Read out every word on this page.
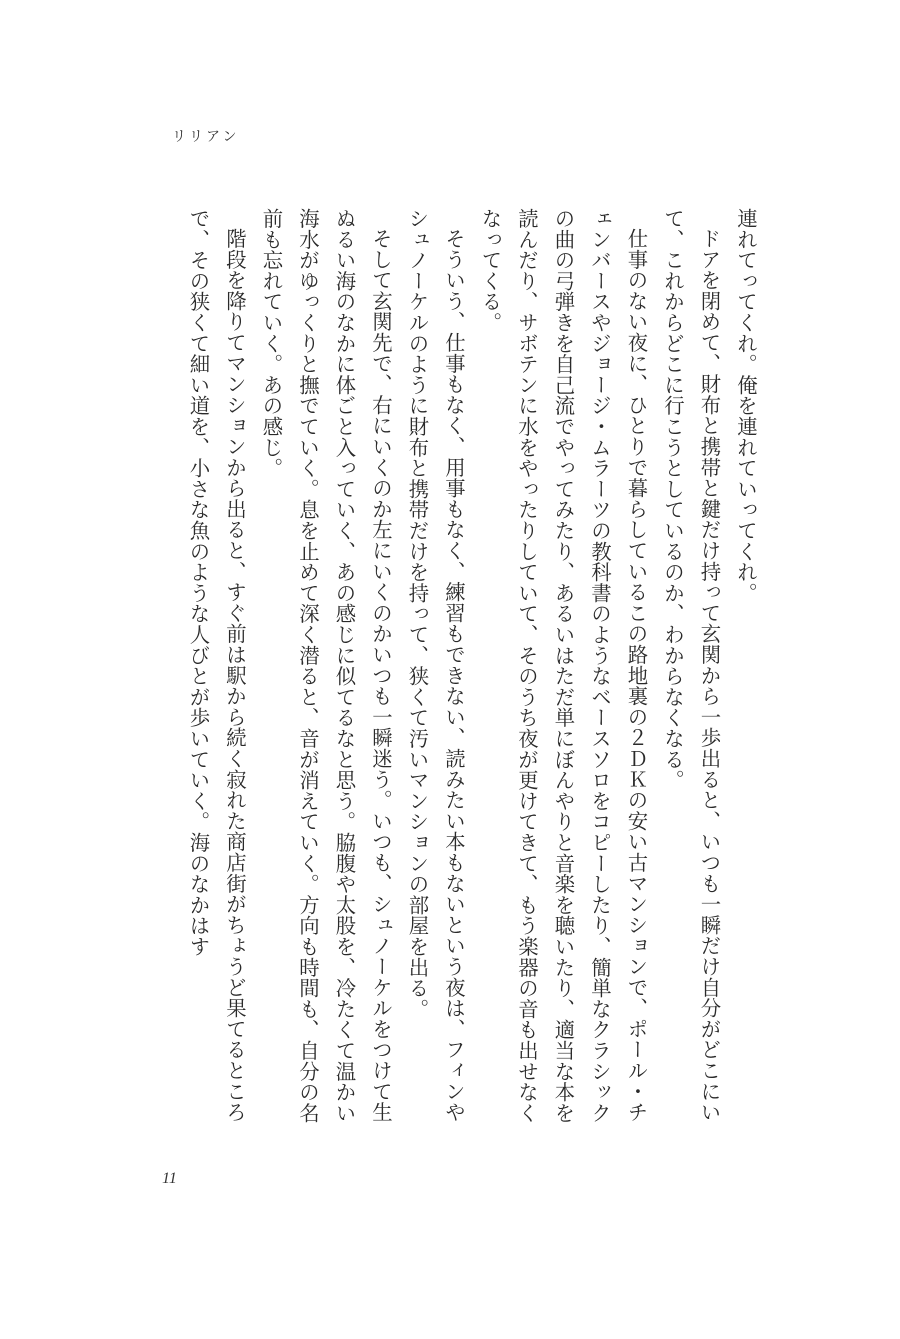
リリアン

連れてってくれ。俺を連れていってくれ。

ドアを閉めて、財布と携帯と鍵だけ持って玄関から一歩出ると、いつも一瞬だけ自分がどこにいて、これからどこに行こうとしているのか、わからなくなる。

仕事のない夜に、ひとりで暮らしているこの路地裏の２ＤＫの安い古マンションで、ポール・チェンバースやジョージ・ムラーツの教科書のようなベースソロをコピーしたり、簡単なクラシックの曲の弓弾きを自己流でやってみたり、あるいはただ単にぼんやりと音楽を聴いたり、適当な本を読んだり、サボテンに水をやったりしていて、そのうち夜が更けてきて、もう楽器の音も出せなくなってくる。

そういう、仕事もなく、用事もなく、練習もできない、読みたい本もないという夜は、フィンやシュノーケルのように財布と携帯だけを持って、狭くて汚いマンションの部屋を出る。

そして玄関先で、右にいくのか左にいくのかいつも一瞬迷う。いつも、シュノーケルをつけて生ぬるい海のなかに体ごと入っていく、あの感じに似てるなと思う。脇腹や太股を、冷たくて温かい海水がゆっくりと撫でていく。息を止めて深く潜ると、音が消えていく。方向も時間も、自分の名前も忘れていく。あの感じ。

階段を降りてマンションから出ると、すぐ前は駅から続く寂れた商店街がちょうど果てるところで、その狭くて細い道を、小さな魚のような人びとが歩いていく。海のなかはす

11
